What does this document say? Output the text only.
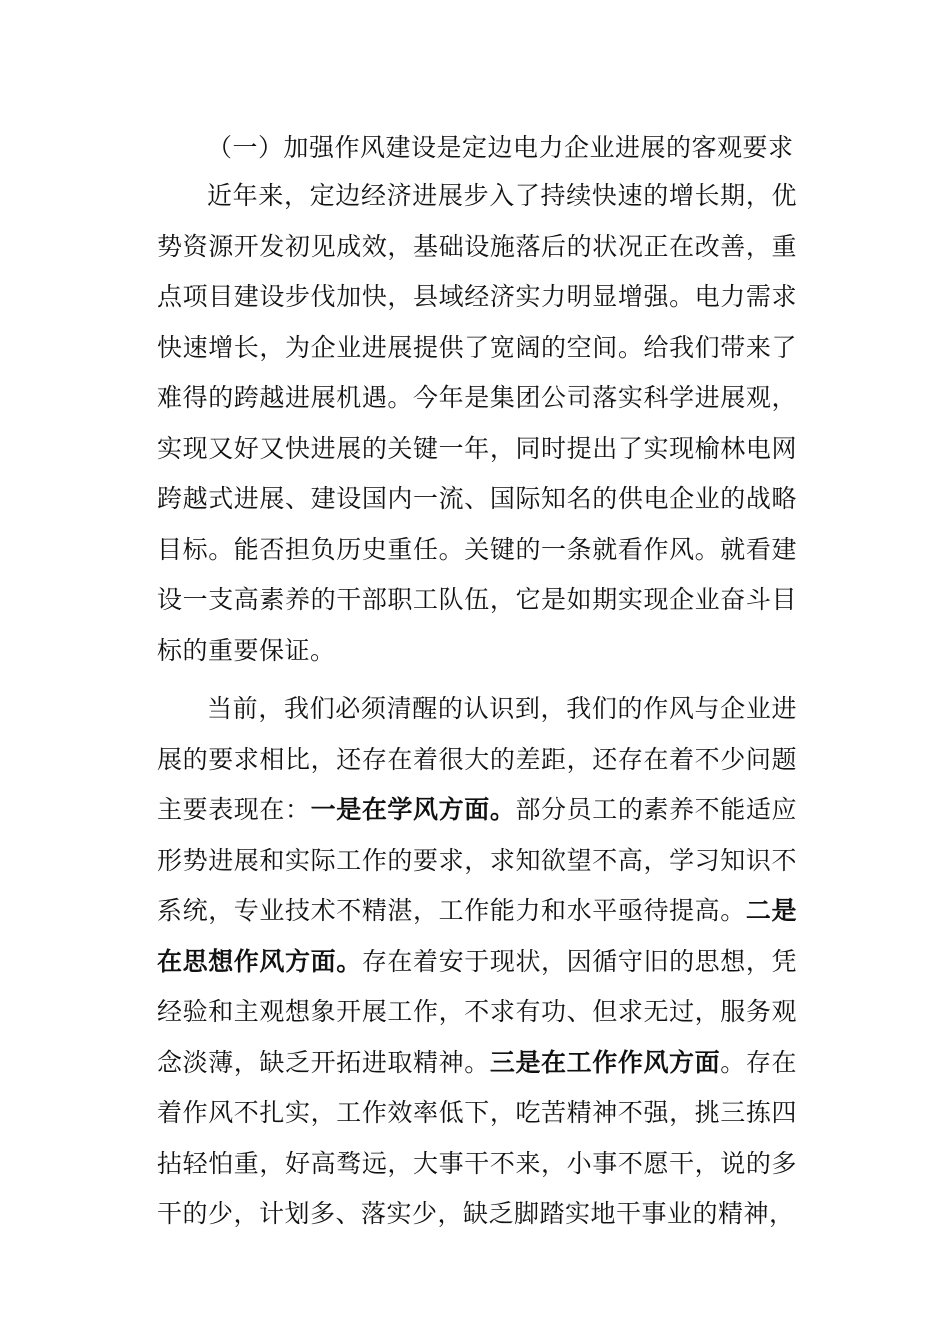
（一）加强作风建设是定边电力企业进展的客观要求

近年来，定边经济进展步入了持续快速的增长期，优势资源开发初见成效，基础设施落后的状况正在改善，重点项目建设步伐加快，县域经济实力明显增强。电力需求快速增长，为企业进展提供了宽阔的空间。给我们带来了难得的跨越进展机遇。今年是集团公司落实科学进展观，实现又好又快进展的关键一年，同时提出了实现榆林电网跨越式进展、建设国内一流、国际知名的供电企业的战略目标。能否担负历史重任。关键的一条就看作风。就看建设一支高素养的干部职工队伍，它是如期实现企业奋斗目标的重要保证。

当前，我们必须清醒的认识到，我们的作风与企业进展的要求相比，还存在着很大的差距，还存在着不少问题主要表现在：一是在学风方面。部分员工的素养不能适应形势进展和实际工作的要求，求知欲望不高，学习知识不系统，专业技术不精湛，工作能力和水平亟待提高。二是在思想作风方面。存在着安于现状，因循守旧的思想，凭经验和主观想象开展工作，不求有功、但求无过，服务观念淡薄，缺乏开拓进取精神。三是在工作作风方面。存在着作风不扎实，工作效率低下，吃苦精神不强，挑三拣四拈轻怕重，好高骛远，大事干不来，小事不愿干，说的多干的少，计划多、落实少，缺乏脚踏实地干事业的精神，
